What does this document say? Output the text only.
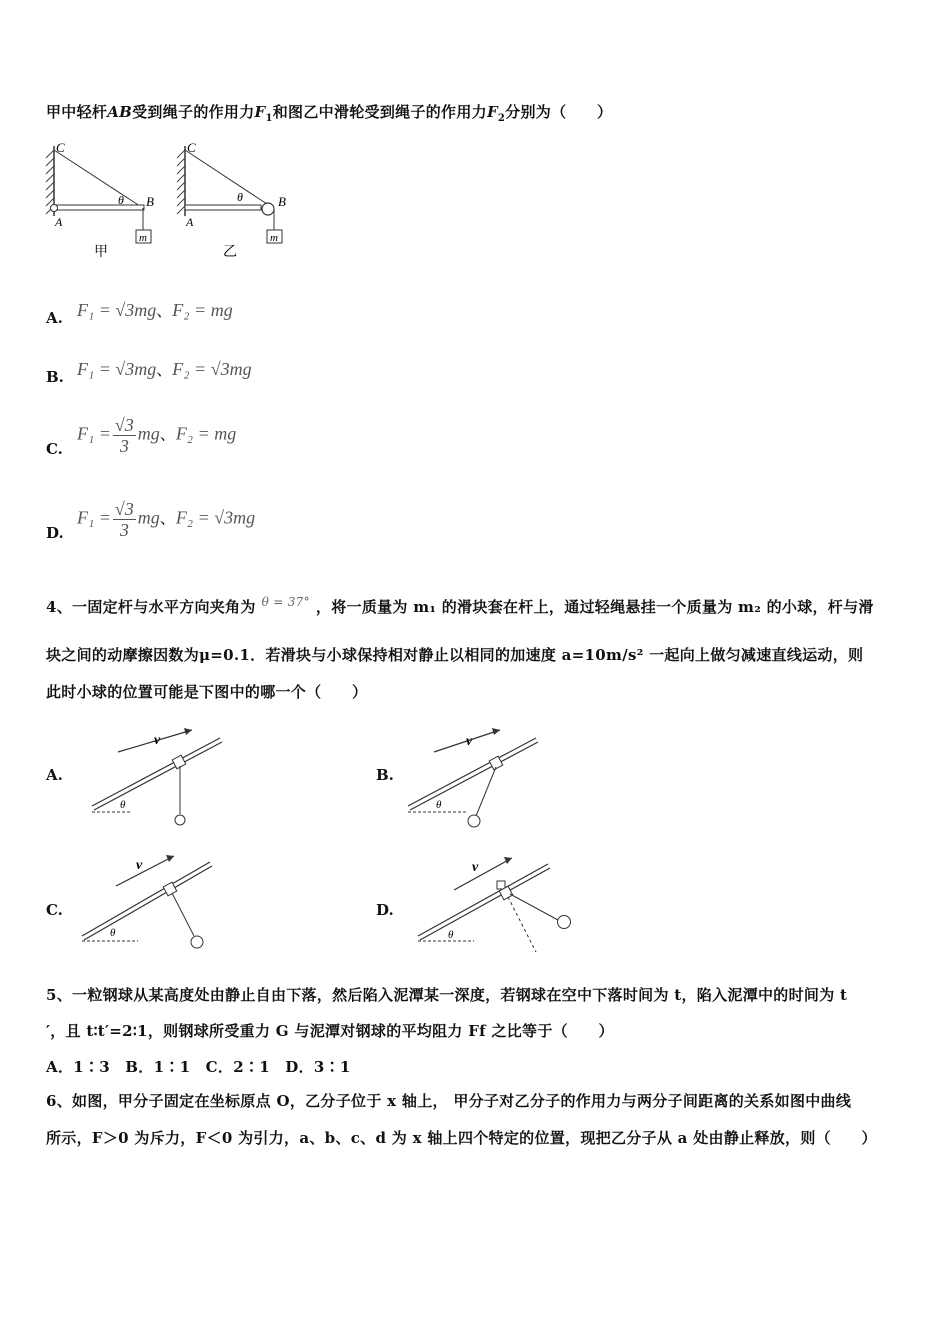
甲中轻杆AB受到绳子的作用力$F_1$和图乙中滑轮受到绳子的作用力$F_2$分别为（　　）
m
C
B
A
θ
甲
m
C
B
A
θ
乙
A. F₁ = √3mg、F₂ = mg
B. F₁ = √3mg、F₂ = √3mg
C.
$F_1 = \frac{√3}{3}$ mg、F₂ = mg
D.
$F_1 = \frac{√3}{3}$ mg、F₂ = √3mg
4、一固定杆与水平方向夹角为 $^{\theta = 37^\circ}$ ，将一质量为 m₁ 的滑块套在杆上，通过轻绳悬挂一个质量为 m₂ 的小球，杆与滑
块之间的动摩擦因数为μ=0.1．若滑块与小球保持相对静止以相同的加速度 a=10m/s² 一起向上做匀减速直线运动，则
此时小球的位置可能是下图中的哪一个（　　）
A.
θ
v
B.
θ
v
C.
θ
v
D.
θ
v
5、一粒钢球从某高度处由静止自由下落，然后陷入泥潭某一深度，若钢球在空中下落时间为 t，陷入泥潭中的时间为 t
′，且 t∶t′=2∶1，则钢球所受重力 G 与泥潭对钢球的平均阻力 Ff 之比等于（　　）
A．1∶3　B．1∶1　C．2∶1　D．3∶1
6、如图，甲分子固定在坐标原点 O，乙分子位于 x 轴上， 甲分子对乙分子的作用力与两分子间距离的关系如图中曲线
所示，F＞0 为斥力，F＜0 为引力，a、b、c、d 为 x 轴上四个特定的位置，现把乙分子从 a 处由静止释放，则（　　）
